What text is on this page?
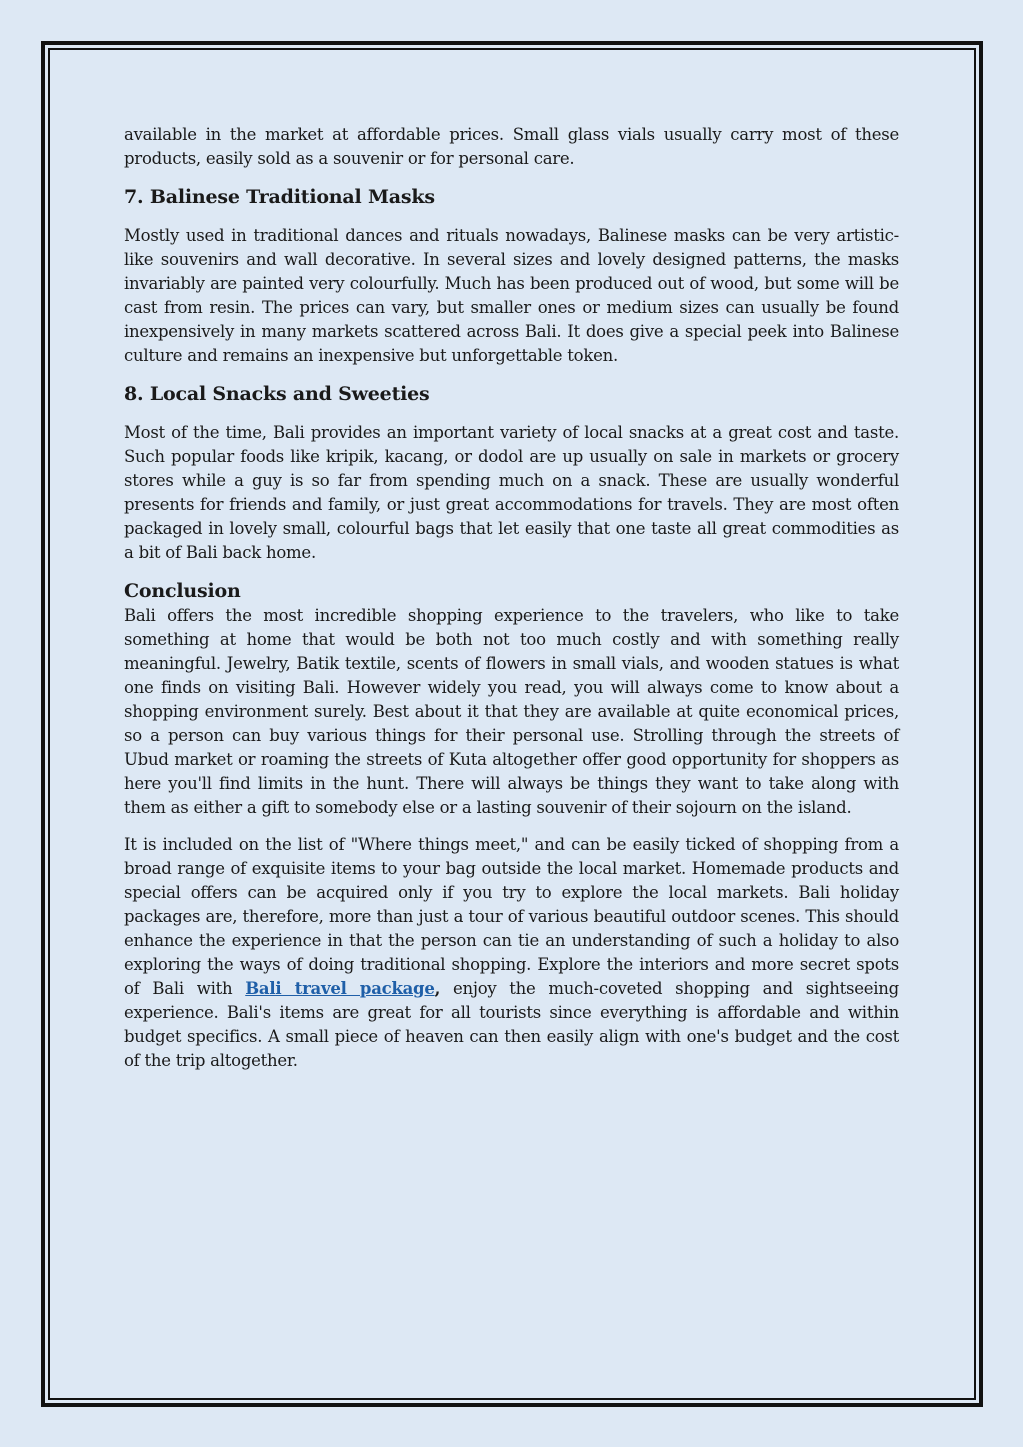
available in the market at affordable prices. Small glass vials usually carry most of these products, easily sold as a souvenir or for personal care.

7. Balinese Traditional Masks

Mostly used in traditional dances and rituals nowadays, Balinese masks can be very artistic-like souvenirs and wall decorative. In several sizes and lovely designed patterns, the masks invariably are painted very colourfully. Much has been produced out of wood, but some will be cast from resin. The prices can vary, but smaller ones or medium sizes can usually be found inexpensively in many markets scattered across Bali. It does give a special peek into Balinese culture and remains an inexpensive but unforgettable token.

8. Local Snacks and Sweeties

Most of the time, Bali provides an important variety of local snacks at a great cost and taste. Such popular foods like kripik, kacang, or dodol are up usually on sale in markets or grocery stores while a guy is so far from spending much on a snack. These are usually wonderful presents for friends and family, or just great accommodations for travels. They are most often packaged in lovely small, colourful bags that let easily that one taste all great commodities as a bit of Bali back home.

Conclusion

Bali offers the most incredible shopping experience to the travelers, who like to take something at home that would be both not too much costly and with something really meaningful. Jewelry, Batik textile, scents of flowers in small vials, and wooden statues is what one finds on visiting Bali. However widely you read, you will always come to know about a shopping environment surely. Best about it that they are available at quite economical prices, so a person can buy various things for their personal use. Strolling through the streets of Ubud market or roaming the streets of Kuta altogether offer good opportunity for shoppers as here you'll find limits in the hunt. There will always be things they want to take along with them as either a gift to somebody else or a lasting souvenir of their sojourn on the island.

It is included on the list of "Where things meet," and can be easily ticked of shopping from a broad range of exquisite items to your bag outside the local market. Homemade products and special offers can be acquired only if you try to explore the local markets. Bali holiday packages are, therefore, more than just a tour of various beautiful outdoor scenes. This should enhance the experience in that the person can tie an understanding of such a holiday to also exploring the ways of doing traditional shopping. Explore the interiors and more secret spots of Bali with Bali travel package, enjoy the much-coveted shopping and sightseeing experience. Bali's items are great for all tourists since everything is affordable and within budget specifics. A small piece of heaven can then easily align with one's budget and the cost of the trip altogether.
